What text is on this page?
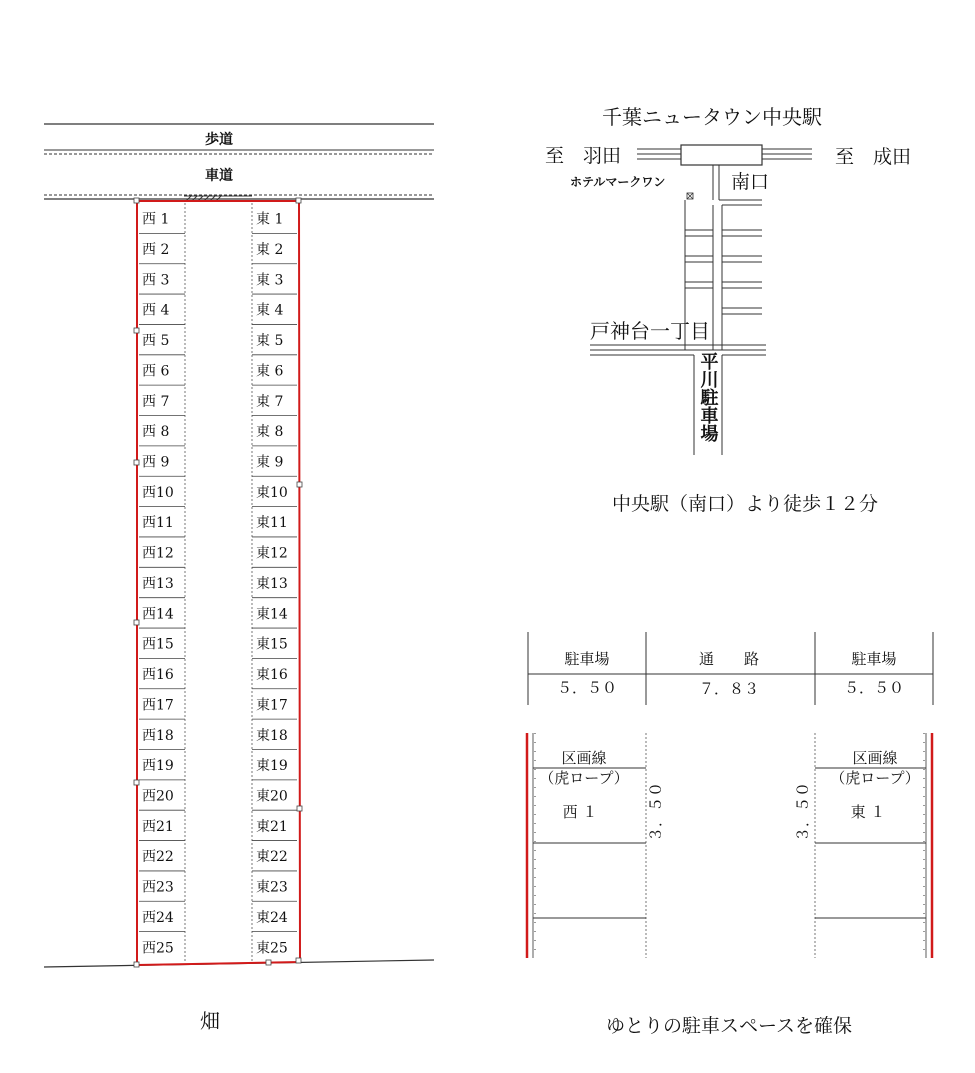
歩道
車道
西 1
西 2
西 3
西 4
西 5
西 6
西 7
西 8
西 9
西10
西11
西12
西13
西14
西15
西16
西17
西18
西19
西20
西21
西22
西23
西24
西25
東 1
東 2
東 3
東 4
東 5
東 6
東 7
東 8
東 9
東10
東11
東12
東13
東14
東15
東16
東17
東18
東19
東20
東21
東22
東23
東24
東25
畑
千葉ニュータウン中央駅
至　羽田	至　成田
ホテルマークワン	南口
戸神台一丁目
平川駐車場
中央駅（南口）より徒歩１２分
駐車場	通　　路	駐車場
５．５０	７．８３	５．５０
区画線
（虎ロープ）
西 １
区画線
（虎ロープ）
東 １
３．５０	３．５０
ゆとりの駐車スペースを確保
